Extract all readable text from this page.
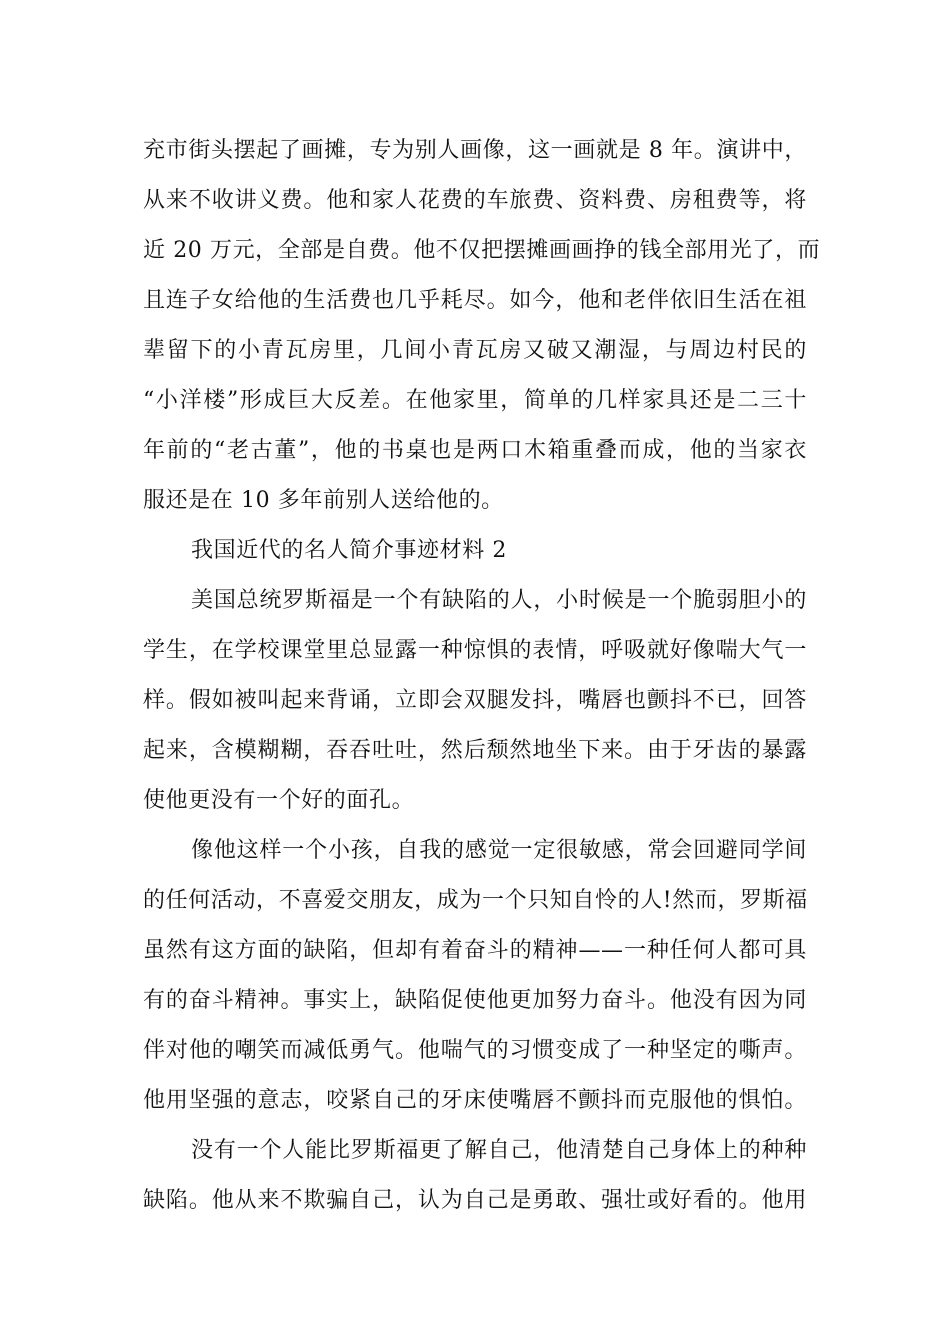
充市街头摆起了画摊，专为别人画像，这一画就是 8 年。演讲中，
从来不收讲义费。他和家人花费的车旅费、资料费、房租费等，将
近 20 万元，全部是自费。他不仅把摆摊画画挣的钱全部用光了，而
且连子女给他的生活费也几乎耗尽。如今，他和老伴依旧生活在祖
辈留下的小青瓦房里，几间小青瓦房又破又潮湿，与周边村民的
“小洋楼”形成巨大反差。在他家里，简单的几样家具还是二三十
年前的“老古董”，他的书桌也是两口木箱重叠而成，他的当家衣
服还是在 10 多年前别人送给他的。
我国近代的名人简介事迹材料 2
美国总统罗斯福是一个有缺陷的人，小时候是一个脆弱胆小的
学生，在学校课堂里总显露一种惊惧的表情，呼吸就好像喘大气一
样。假如被叫起来背诵，立即会双腿发抖，嘴唇也颤抖不已，回答
起来，含模糊糊，吞吞吐吐，然后颓然地坐下来。由于牙齿的暴露
使他更没有一个好的面孔。
像他这样一个小孩，自我的感觉一定很敏感，常会回避同学间
的任何活动，不喜爱交朋友，成为一个只知自怜的人!然而，罗斯福
虽然有这方面的缺陷，但却有着奋斗的精神——一种任何人都可具
有的奋斗精神。事实上，缺陷促使他更加努力奋斗。他没有因为同
伴对他的嘲笑而减低勇气。他喘气的习惯变成了一种坚定的嘶声。
他用坚强的意志，咬紧自己的牙床使嘴唇不颤抖而克服他的惧怕。
没有一个人能比罗斯福更了解自己，他清楚自己身体上的种种
缺陷。他从来不欺骗自己，认为自己是勇敢、强壮或好看的。他用
